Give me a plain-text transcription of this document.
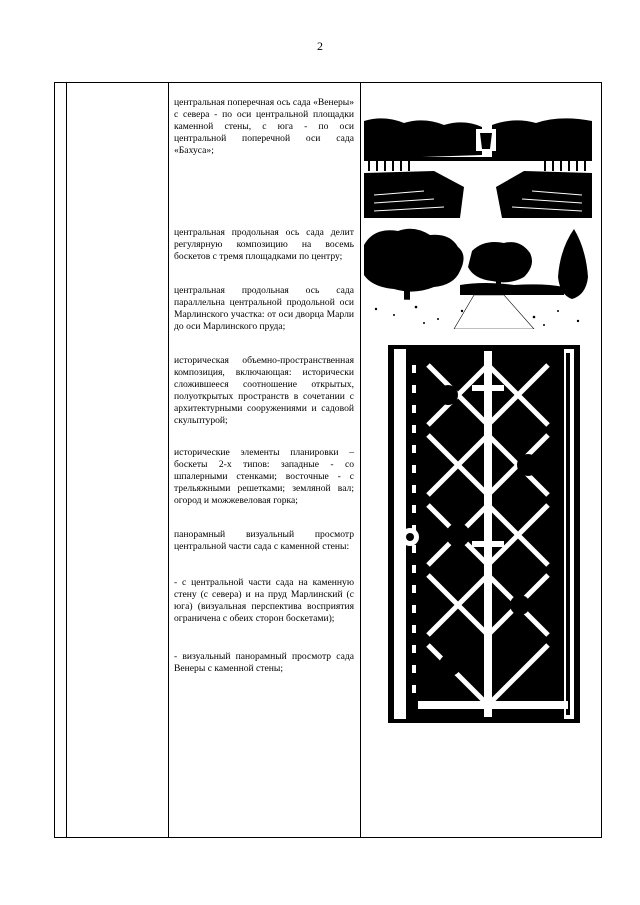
2

центральная поперечная ось сада «Венеры» с севера - по оси центральной площадки каменной стены, с юга - по оси центральной поперечной оси сада «Бахуса»;

центральная продольная ось сада делит регулярную композицию на восемь боскетов с тремя площадками по центру;

центральная продольная ось сада параллельна центральной продольной оси Марлинского участка: от оси дворца Марли до оси Марлинского пруда;

историческая объемно-пространственная композиция, включающая: исторически сложившееся соотношение открытых, полуоткрытых пространств в сочетании с архитектурными сооружениями и садовой скульптурой;

исторические элементы планировки – боскеты 2-х типов: западные - со шпалерными стенками; восточные - с трельяжными решетками; земляной вал; огород и можжевеловая горка;

панорамный визуальный просмотр центральной части сада с каменной стены:

- с центральной части сада на каменную стену (с севера) и на пруд Марлинский (с юга) (визуальная перспектива восприятия ограничена с обеих сторон боскетами);

- визуальный панорамный просмотр сада Венеры с каменной стены;
